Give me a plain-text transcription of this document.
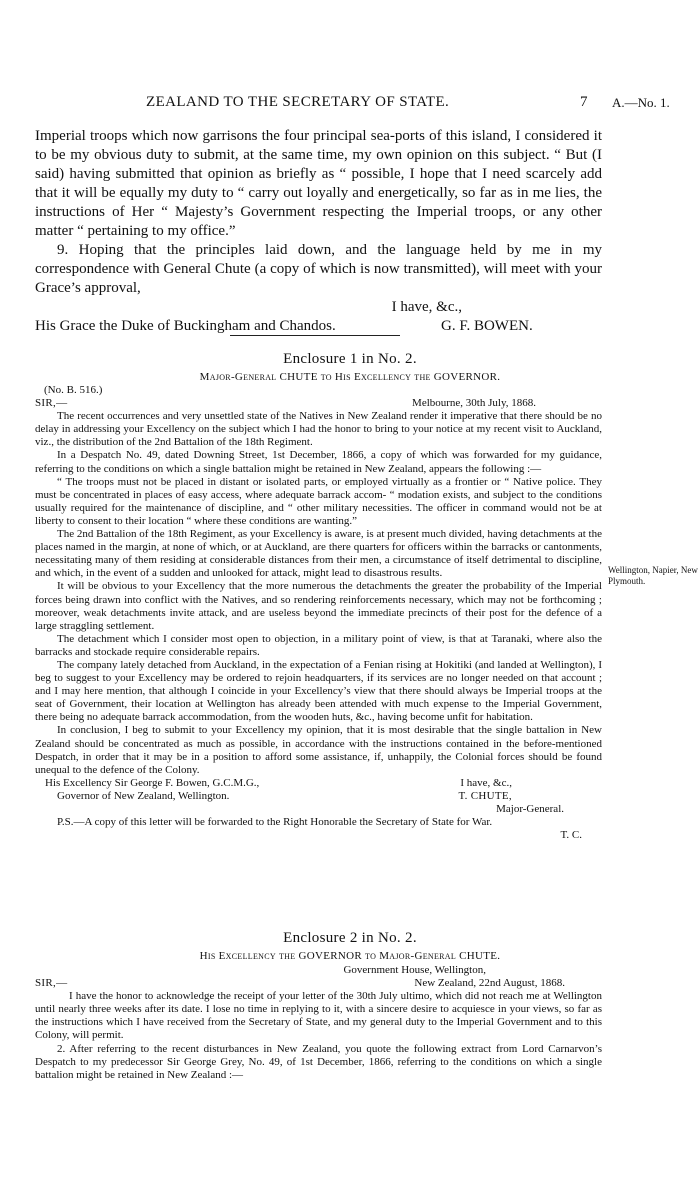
ZEALAND TO THE SECRETARY OF STATE.	7 A.—No. 1.

Imperial troops which now garrisons the four principal sea-ports of this island, I considered it to be my obvious duty to submit, at the same time, my own opinion on this subject. “ But (I said) having submitted that opinion as briefly as “ possible, I hope that I need scarcely add that it will be equally my duty to “ carry out loyally and energetically, so far as in me lies, the instructions of Her “ Majesty’s Government respecting the Imperial troops, or any other matter “ pertaining to my office.”

9. Hoping that the principles laid down, and the language held by me in my correspondence with General Chute (a copy of which is now transmitted), will meet with your Grace’s approval,

I have, &c.,

His Grace the Duke of Buckingham and Chandos.	G. F. BOWEN.
Enclosure 1 in No. 2.
Major-General CHUTE to His Excellency the GOVERNOR.

(No. B. 516.)

SIR,—	Melbourne, 30th July, 1868.

The recent occurrences and very unsettled state of the Natives in New Zealand render it imperative that there should be no delay in addressing your Excellency on the subject which I had the honor to bring to your notice at my recent visit to Auckland, viz., the distribution of the 2nd Battalion of the 18th Regiment.

In a Despatch No. 49, dated Downing Street, 1st December, 1866, a copy of which was forwarded for my guidance, referring to the conditions on which a single battalion might be retained in New Zealand, appears the following :—

“ The troops must not be placed in distant or isolated parts, or employed virtually as a frontier or “ Native police. They must be concentrated in places of easy access, where adequate barrack accom- “ modation exists, and subject to the conditions usually required for the maintenance of discipline, and “ other military necessities. The officer in command would not be at liberty to consent to their location “ where these conditions are wanting.”

The 2nd Battalion of the 18th Regiment, as your Excellency is aware, is at present much divided, having detachments at the places named in the margin, at none of which, or at Auckland, are there quarters for officers within the barracks or cantonments, necessitating many of them residing at considerable distances from their men, a circumstance of itself detrimental to discipline, and which, in the event of a sudden and unlooked for attack, might lead to disastrous results.

It will be obvious to your Excellency that the more numerous the detachments the greater the probability of the Imperial forces being drawn into conflict with the Natives, and so rendering reinforcements necessary, which may not be forthcoming ; moreover, weak detachments invite attack, and are useless beyond the immediate precincts of their post for the defence of a large straggling settlement.

The detachment which I consider most open to objection, in a military point of view, is that at Taranaki, where also the barracks and stockade require considerable repairs.

The company lately detached from Auckland, in the expectation of a Fenian rising at Hokitiki (and landed at Wellington), I beg to suggest to your Excellency may be ordered to rejoin headquarters, if its services are no longer needed on that account ; and I may here mention, that although I coincide in your Excellency’s view that there should always be Imperial troops at the seat of Government, their location at Wellington has already been attended with much expense to the Imperial Government, there being no adequate barrack accommodation, from the wooden huts, &c., having become unfit for habitation.

In conclusion, I beg to submit to your Excellency my opinion, that it is most desirable that the single battalion in New Zealand should be concentrated as much as possible, in accordance with the instructions contained in the before-mentioned Despatch, in order that it may be in a position to afford some assistance, if, unhappily, the Colonial forces should be found unequal to the defence of the Colony.

His Excellency Sir George F. Bowen, G.C.M.G.,	I have, &c.,
Governor of New Zealand, Wellington.	T. CHUTE,
Major-General.

P.S.—A copy of this letter will be forwarded to the Right Honorable the Secretary of State for War.

T. C.

Wellington, Napier, New Plymouth.
Enclosure 2 in No. 2.
His Excellency the GOVERNOR to Major-General CHUTE.
Government House, Wellington,
SIR,—	New Zealand, 22nd August, 1868.

I have the honor to acknowledge the receipt of your letter of the 30th July ultimo, which did not reach me at Wellington until nearly three weeks after its date. I lose no time in replying to it, with a sincere desire to acquiesce in your views, so far as the instructions which I have received from the Secretary of State, and my general duty to the Imperial Government and to this Colony, will permit.

2. After referring to the recent disturbances in New Zealand, you quote the following extract from Lord Carnarvon’s Despatch to my predecessor Sir George Grey, No. 49, of 1st December, 1866, referring to the conditions on which a single battalion might be retained in New Zealand :—
